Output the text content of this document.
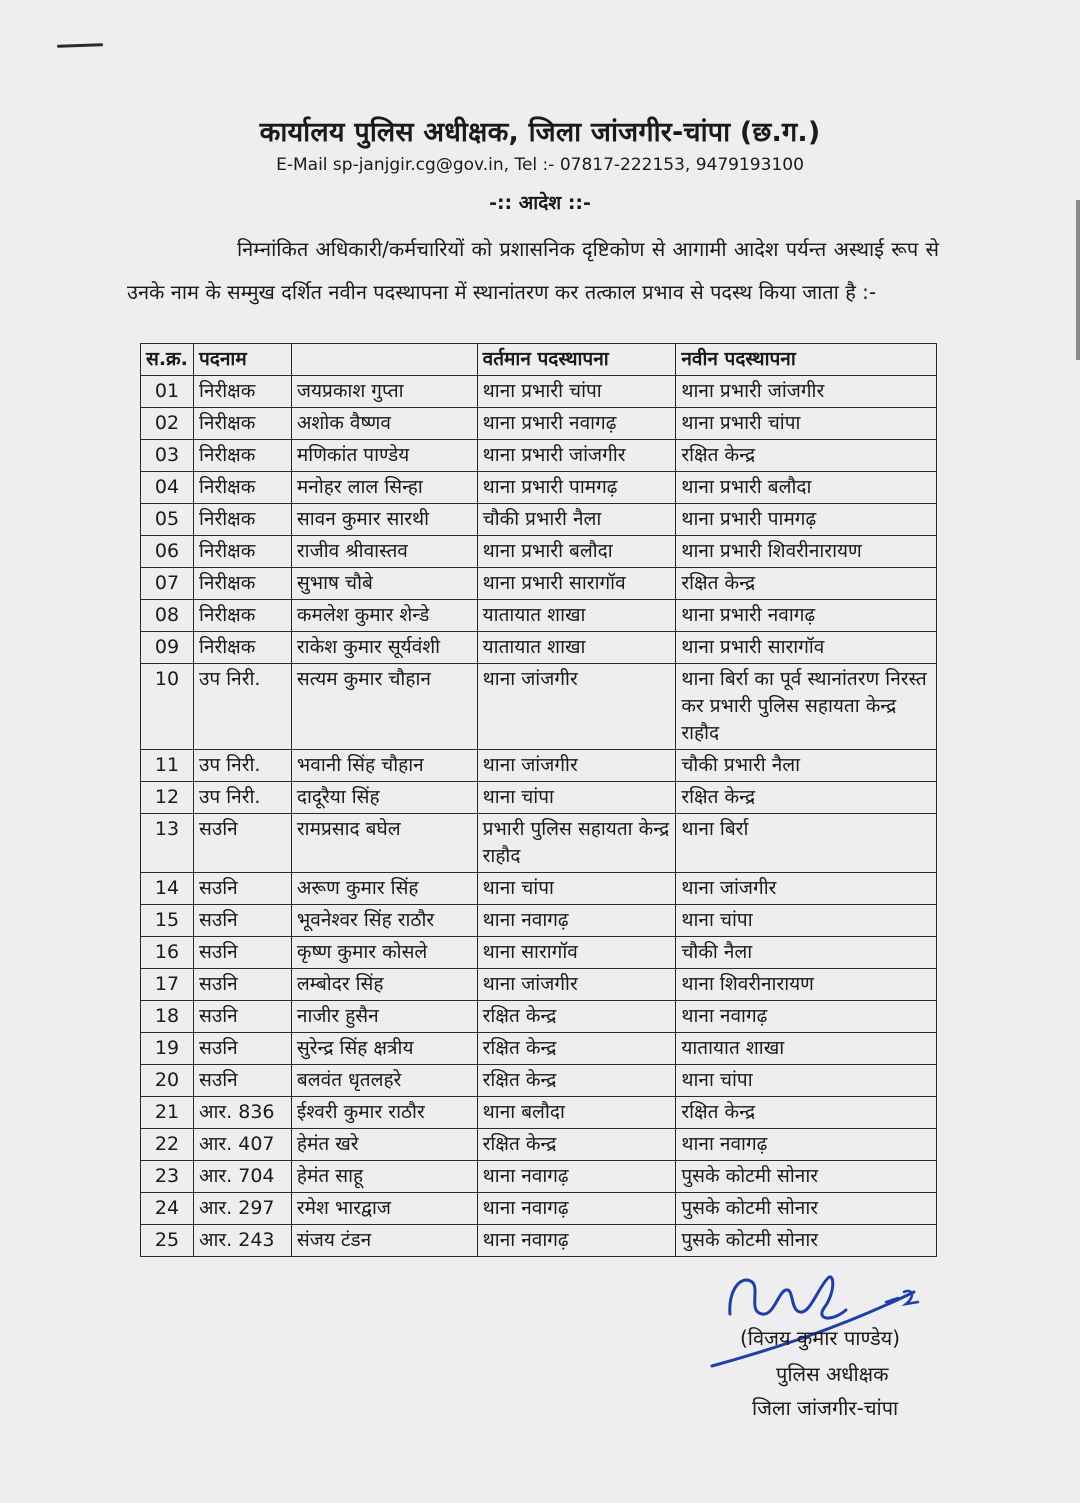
कार्यालय पुलिस अधीक्षक, जिला जांजगीर-चांपा (छ.ग.)
E-Mail sp-janjgir.cg@gov.in, Tel :- 07817-222153, 9479193100
-:: आदेश ::-
निम्नांकित अधिकारी/कर्मचारियों को प्रशासनिक दृष्टिकोण से आगामी आदेश पर्यन्त अस्थाई रूप से उनके नाम के सम्मुख दर्शित नवीन पदस्थापना में स्थानांतरण कर तत्काल प्रभाव से पदस्थ किया जाता है :-
स.क्र.	पदनाम		वर्तमान पदस्थापना	नवीन पदस्थापना
01	निरीक्षक	जयप्रकाश गुप्ता	थाना प्रभारी चांपा	थाना प्रभारी जांजगीर
02	निरीक्षक	अशोक वैष्णव	थाना प्रभारी नवागढ़	थाना प्रभारी चांपा
03	निरीक्षक	मणिकांत पाण्डेय	थाना प्रभारी जांजगीर	रक्षित केन्द्र
04	निरीक्षक	मनोहर लाल सिन्हा	थाना प्रभारी पामगढ़	थाना प्रभारी बलौदा
05	निरीक्षक	सावन कुमार सारथी	चौकी प्रभारी नैला	थाना प्रभारी पामगढ़
06	निरीक्षक	राजीव श्रीवास्तव	थाना प्रभारी बलौदा	थाना प्रभारी शिवरीनारायण
07	निरीक्षक	सुभाष चौबे	थाना प्रभारी सारागॉव	रक्षित केन्द्र
08	निरीक्षक	कमलेश कुमार शेन्डे	यातायात शाखा	थाना प्रभारी नवागढ़
09	निरीक्षक	राकेश कुमार सूर्यवंशी	यातायात शाखा	थाना प्रभारी सारागॉव
10	उप निरी.	सत्यम कुमार चौहान	थाना जांजगीर	थाना बिर्रा का पूर्व स्थानांतरण निरस्त कर प्रभारी पुलिस सहायता केन्द्र राहौद
11	उप निरी.	भवानी सिंह चौहान	थाना जांजगीर	चौकी प्रभारी नैला
12	उप निरी.	दादूरैया सिंह	थाना चांपा	रक्षित केन्द्र
13	सउनि	रामप्रसाद बघेल	प्रभारी पुलिस सहायता केन्द्र राहौद	थाना बिर्रा
14	सउनि	अरूण कुमार सिंह	थाना चांपा	थाना जांजगीर
15	सउनि	भूवनेश्वर सिंह राठौर	थाना नवागढ़	थाना चांपा
16	सउनि	कृष्ण कुमार कोसले	थाना सारागॉव	चौकी नैला
17	सउनि	लम्बोदर सिंह	थाना जांजगीर	थाना शिवरीनारायण
18	सउनि	नाजीर हुसैन	रक्षित केन्द्र	थाना नवागढ़
19	सउनि	सुरेन्द्र सिंह क्षत्रीय	रक्षित केन्द्र	यातायात शाखा
20	सउनि	बलवंत धृतलहरे	रक्षित केन्द्र	थाना चांपा
21	आर. 836	ईश्वरी कुमार राठौर	थाना बलौदा	रक्षित केन्द्र
22	आर. 407	हेमंत खरे	रक्षित केन्द्र	थाना नवागढ़
23	आर. 704	हेमंत साहू	थाना नवागढ़	पुसके कोटमी सोनार
24	आर. 297	रमेश भारद्वाज	थाना नवागढ़	पुसके कोटमी सोनार
25	आर. 243	संजय टंडन	थाना नवागढ़	पुसके कोटमी सोनार
(विजय कुमार पाण्डेय)
पुलिस अधीक्षक
जिला जांजगीर-चांपा
